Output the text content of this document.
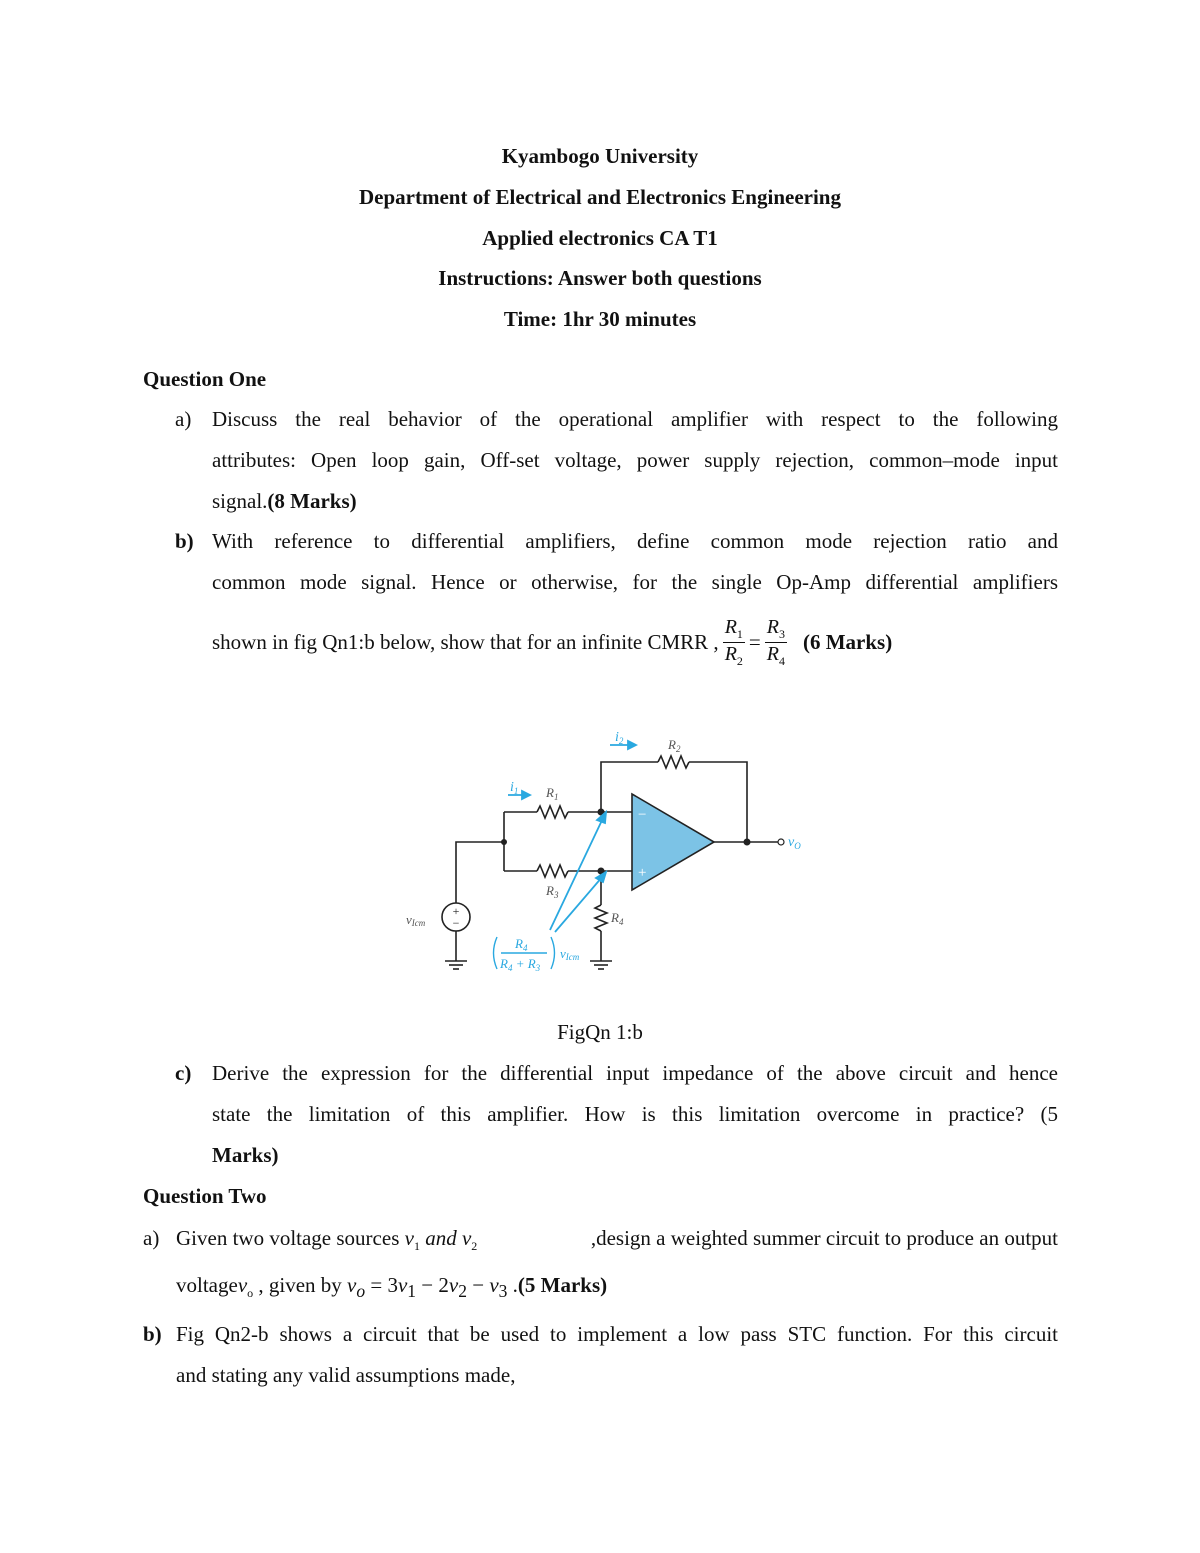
Kyambogo University
Department of Electrical and Electronics Engineering
Applied electronics CA T1
Instructions: Answer both questions
Time: 1hr 30 minutes
Question One
a) Discuss the real behavior of the operational amplifier with respect to the following
attributes: Open loop gain, Off-set voltage, power supply rejection, common–mode input
signal.(8 Marks)
b) With reference to differential amplifiers, define common mode rejection ratio and
common mode signal. Hence or otherwise, for the single Op-Amp differential amplifiers
shown in fig Qn1:b below, show that for an infinite CMRR , $\frac{R_1}{R_2} = \frac{R_3}{R_4} (6$ Marks)
$R_4$
$R_4 + R_3$
vIcm
$i_1$
$i_2$
$v_O$
$R_1$
$R_2$
$R_3$
$R_4$
vIcm
−
+
+
−
FigQn 1:b
c) Derive the expression for the differential input impedance of the above circuit and hence
state the limitation of this amplifier. How is this limitation overcome in practice? (5
Marks)
Question Two
a) Given two voltage sources $v_1$ and $v_2$	,design a weighted summer circuit to produce an output
voltagev$_o$ , given by $v_o = 3v_1 - 2v_2 - v_3$ .(5 Marks)
b) Fig Qn2-b shows a circuit that be used to implement a low pass STC function. For this circuit
and stating any valid assumptions made,
